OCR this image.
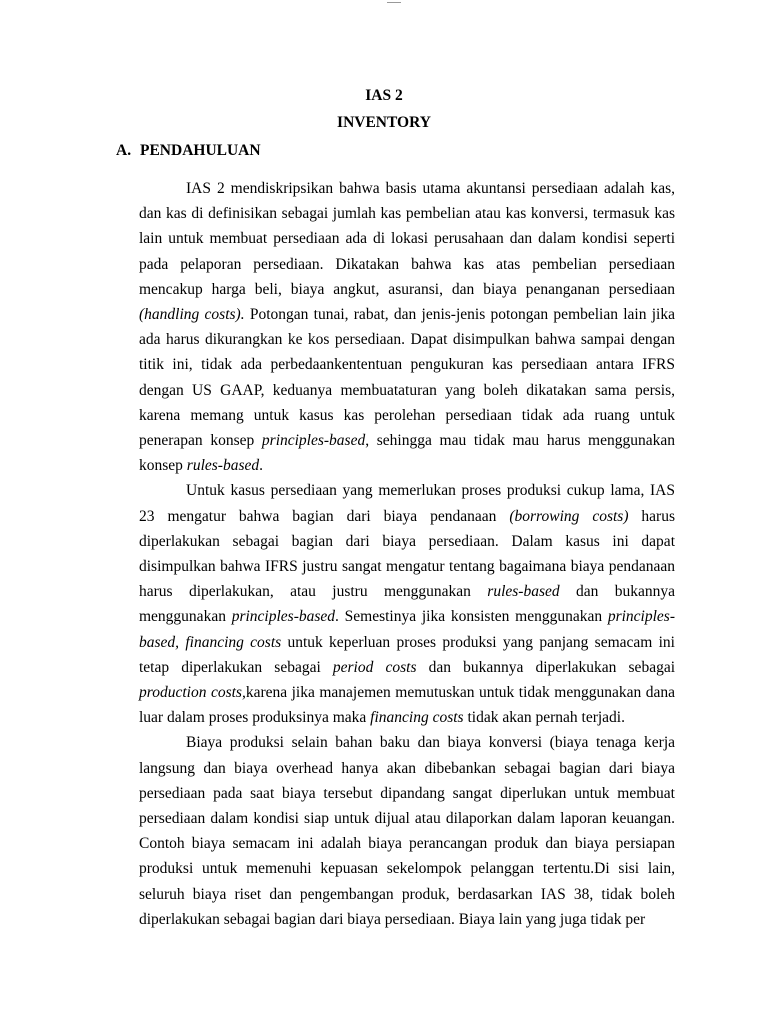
IAS 2
INVENTORY
A. PENDAHULUAN

IAS 2 mendiskripsikan bahwa basis utama akuntansi persediaan adalah kas, dan kas di definisikan sebagai jumlah kas pembelian atau kas konversi, termasuk kas lain untuk membuat persediaan ada di lokasi perusahaan dan dalam kondisi seperti pada pelaporan persediaan. Dikatakan bahwa kas atas pembelian persediaan mencakup harga beli, biaya angkut, asuransi, dan biaya penanganan persediaan (handling costs). Potongan tunai, rabat, dan jenis-jenis potongan pembelian lain jika ada harus dikurangkan ke kos persediaan. Dapat disimpulkan bahwa sampai dengan titik ini, tidak ada perbedaankententuan pengukuran kas persediaan antara IFRS dengan US GAAP, keduanya membuataturan yang boleh dikatakan sama persis, karena memang untuk kasus kas perolehan persediaan tidak ada ruang untuk penerapan konsep principles-based, sehingga mau tidak mau harus menggunakan konsep rules-based.

Untuk kasus persediaan yang memerlukan proses produksi cukup lama, IAS 23 mengatur bahwa bagian dari biaya pendanaan (borrowing costs) harus diperlakukan sebagai bagian dari biaya persediaan. Dalam kasus ini dapat disimpulkan bahwa IFRS justru sangat mengatur tentang bagaimana biaya pendanaan harus diperlakukan, atau justru menggunakan rules-based dan bukannya menggunakan principles-based. Semestinya jika konsisten menggunakan principles-based, financing costs untuk keperluan proses produksi yang panjang semacam ini tetap diperlakukan sebagai period costs dan bukannya diperlakukan sebagai production costs,karena jika manajemen memutuskan untuk tidak menggunakan dana luar dalam proses produksinya maka financing costs tidak akan pernah terjadi.

Biaya produksi selain bahan baku dan biaya konversi (biaya tenaga kerja langsung dan biaya overhead hanya akan dibebankan sebagai bagian dari biaya persediaan pada saat biaya tersebut dipandang sangat diperlukan untuk membuat persediaan dalam kondisi siap untuk dijual atau dilaporkan dalam laporan keuangan. Contoh biaya semacam ini adalah biaya perancangan produk dan biaya persiapan produksi untuk memenuhi kepuasan sekelompok pelanggan tertentu.Di sisi lain, seluruh biaya riset dan pengembangan produk, berdasarkan IAS 38, tidak boleh diperlakukan sebagai bagian dari biaya persediaan. Biaya lain yang juga tidak per
